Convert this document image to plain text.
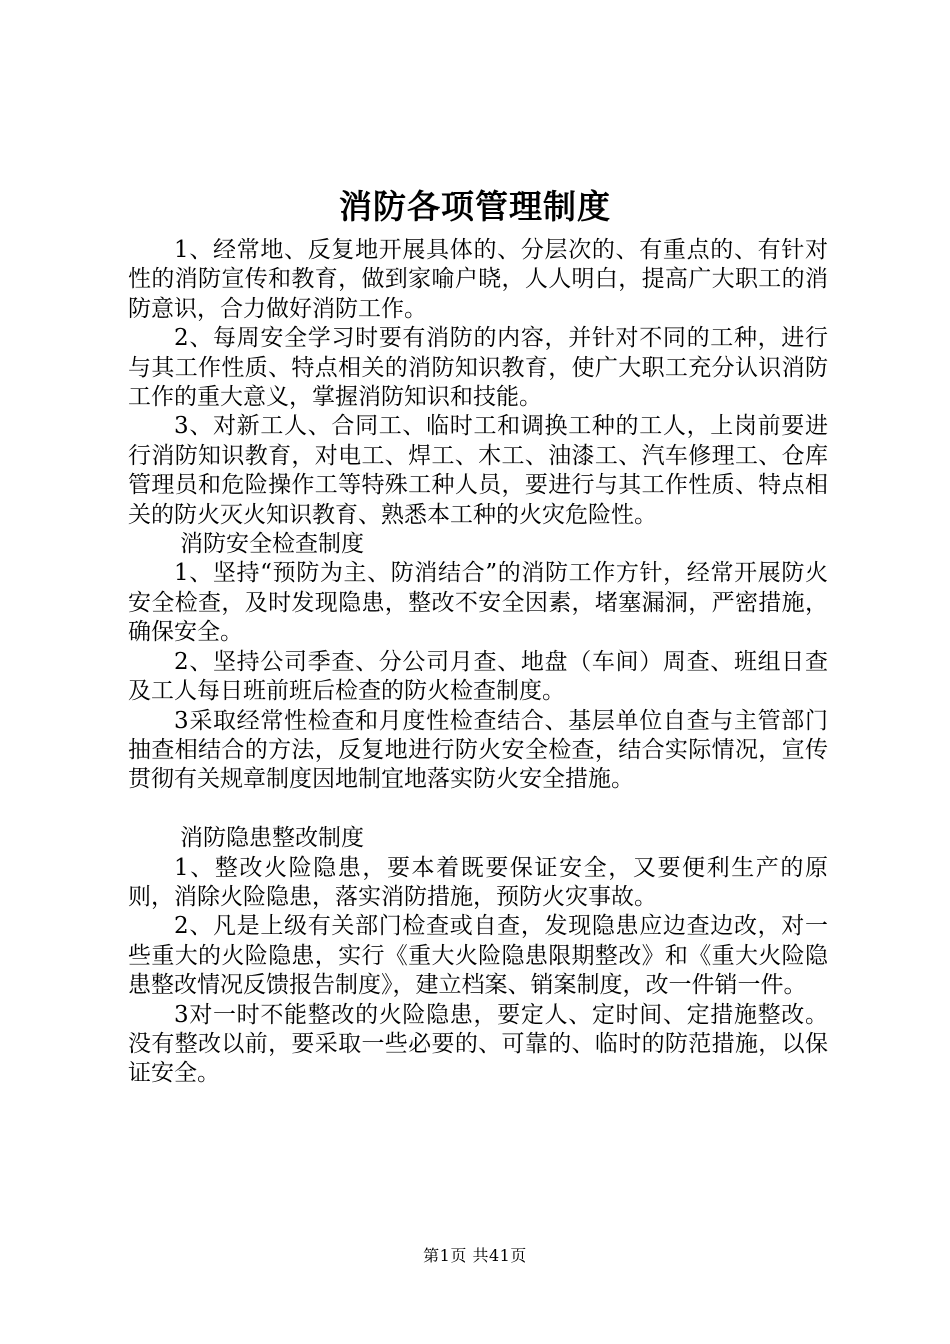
消防各项管理制度

1、经常地、反复地开展具体的、分层次的、有重点的、有针对性的消防宣传和教育，做到家喻户晓，人人明白，提高广大职工的消防意识，合力做好消防工作。

2、每周安全学习时要有消防的内容，并针对不同的工种，进行与其工作性质、特点相关的消防知识教育，使广大职工充分认识消防工作的重大意义，掌握消防知识和技能。

3、对新工人、合同工、临时工和调换工种的工人，上岗前要进行消防知识教育，对电工、焊工、木工、油漆工、汽车修理工、仓库管理员和危险操作工等特殊工种人员，要进行与其工作性质、特点相关的防火灭火知识教育、熟悉本工种的火灾危险性。

消防安全检查制度

1、坚持“预防为主、防消结合”的消防工作方针，经常开展防火安全检查，及时发现隐患，整改不安全因素，堵塞漏洞，严密措施，确保安全。

2、坚持公司季查、分公司月查、地盘（车间）周查、班组日查及工人每日班前班后检查的防火检查制度。

3采取经常性检查和月度性检查结合、基层单位自查与主管部门抽查相结合的方法，反复地进行防火安全检查，结合实际情况，宣传贯彻有关规章制度因地制宜地落实防火安全措施。

消防隐患整改制度

1、整改火险隐患，要本着既要保证安全，又要便利生产的原则，消除火险隐患，落实消防措施，预防火灾事故。

2、凡是上级有关部门检查或自查，发现隐患应边查边改，对一些重大的火险隐患，实行《重大火险隐患限期整改》和《重大火险隐患整改情况反馈报告制度》，建立档案、销案制度，改一件销一件。

3对一时不能整改的火险隐患，要定人、定时间、定措施整改。没有整改以前，要采取一些必要的、可靠的、临时的防范措施，以保证安全。

第1页 共41页
